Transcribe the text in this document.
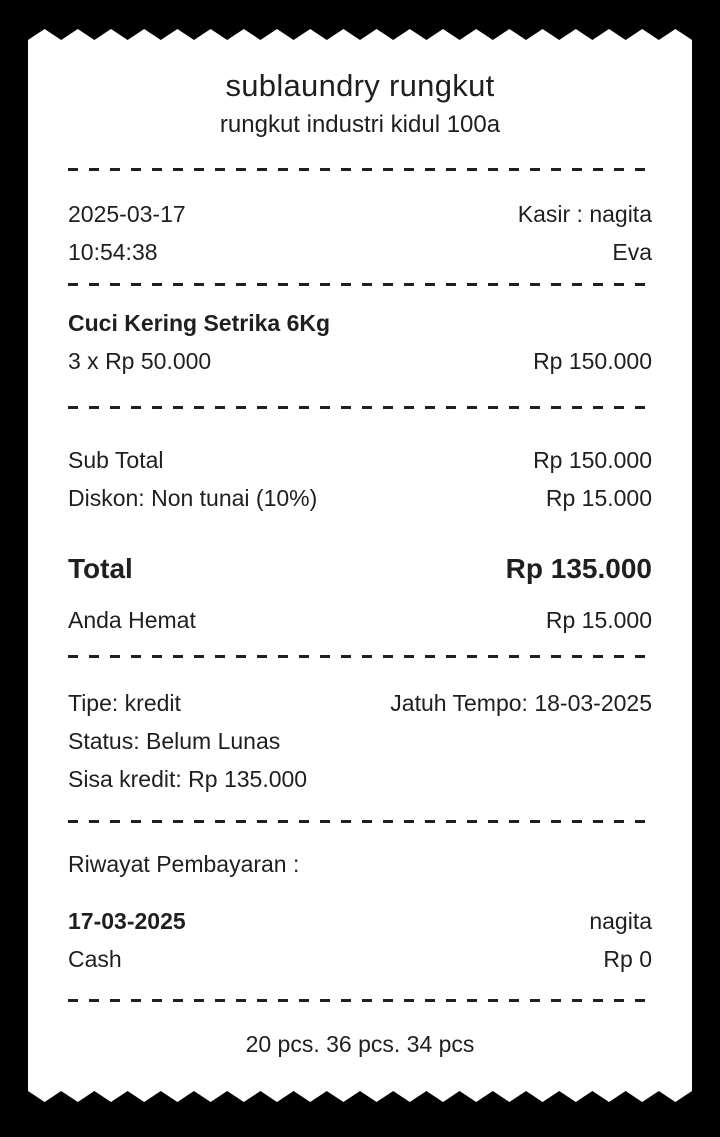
sublaundry rungkut
rungkut industri kidul 100a
2025-03-17	Kasir : nagita
10:54:38	Eva
Cuci Kering Setrika 6Kg
3 x Rp 50.000	Rp 150.000
Sub Total	Rp 150.000
Diskon: Non tunai (10%)	Rp 15.000
Total	Rp 135.000
Anda Hemat	Rp 15.000
Tipe: kredit	Jatuh Tempo: 18-03-2025
Status: Belum Lunas
Sisa kredit: Rp 135.000
Riwayat Pembayaran :
17-03-2025	nagita
Cash	Rp 0
20 pcs. 36 pcs. 34 pcs
